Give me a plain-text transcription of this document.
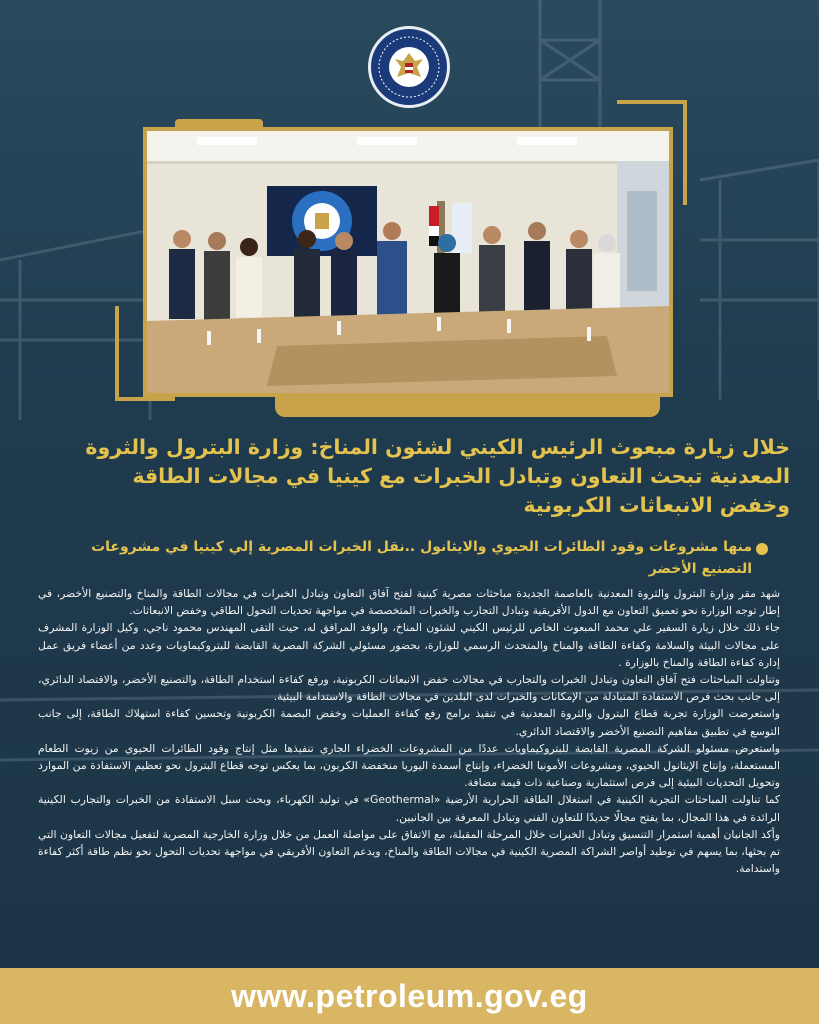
خلال زيارة مبعوث الرئيس الكيني لشئون المناخ: وزارة البترول والثروة المعدنية تبحث التعاون وتبادل الخبرات مع كينيا في مجالات الطاقة وخفض الانبعاثات الكربونية
منها مشروعات وقود الطائرات الحيوي والايثانول ..نقل الخبرات المصرية إلي كينيا في مشروعات التصنيع الأخضر

شهد مقر وزارة البترول والثروة المعدنية بالعاصمة الجديدة مباحثات مصرية كينية لفتح آفاق التعاون وتبادل الخبرات في مجالات الطاقة والمناخ والتصنيع الأخضر، في إطار توجه الوزارة نحو تعميق التعاون مع الدول الأفريقية وتبادل التجارب والخبرات المتخصصة في مواجهة تحديات التحول الطاقي وخفض الانبعاثات.

جاء ذلك خلال زيارة السفير علي محمد المبعوث الخاص للرئيس الكيني لشئون المناخ، والوفد المرافق له، حيث التقى المهندس محمود ناجي، وكيل الوزارة المشرف على مجالات البيئة والسلامة وكفاءة الطاقة والمناخ والمتحدث الرسمي للوزارة، بحضور مسئولي الشركة المصرية القابضة للبتروكيماويات وعدد من أعضاء فريق عمل إدارة كفاءة الطاقة والمناخ بالوزارة .

وتناولت المباحثات فتح آفاق التعاون وتبادل الخبرات والتجارب في مجالات خفض الانبعاثات الكربونية، ورفع كفاءة استخدام الطاقة، والتصنيع الأخضر، والاقتصاد الدائري، إلى جانب بحث فرص الاستفادة المتبادلة من الإمكانات والخبرات لدى البلدين في مجالات الطاقة والاستدامة البيئية.

واستعرضت الوزارة تجربة قطاع البترول والثروة المعدنية في تنفيذ برامج رفع كفاءة العمليات وخفض البصمة الكربونية وتحسين كفاءة استهلاك الطاقة، إلى جانب التوسع في تطبيق مفاهيم التصنيع الأخضر والاقتصاد الدائري.

واستعرض مسئولو الشركة المصرية القابضة للبتروكيماويات عددًا من المشروعات الخضراء الجاري تنفيذها مثل إنتاج وقود الطائرات الحيوي من زيوت الطعام المستعملة، وإنتاج الإيثانول الحيوي، ومشروعات الأمونيا الخضراء، وإنتاج أسمدة اليوريا منخفضة الكربون، بما يعكس توجه قطاع البترول نحو تعظيم الاستفادة من الموارد وتحويل التحديات البيئية إلى فرص استثمارية وصناعية ذات قيمة مضافة.

كما تناولت المباحثات التجربة الكينية في استغلال الطاقة الحرارية الأرضية «Geothermal» في توليد الكهرباء، وبحث سبل الاستفادة من الخبرات والتجارب الكينية الرائدة في هذا المجال، بما يفتح مجالًا جديدًا للتعاون الفني وتبادل المعرفة بين الجانبين.

وأكد الجانبان أهمية استمرار التنسيق وتبادل الخبرات خلال المرحلة المقبلة، مع الاتفاق على مواصلة العمل من خلال وزارة الخارجية المصرية لتفعيل مجالات التعاون التي تم بحثها، بما يسهم في توطيد أواصر الشراكة المصرية الكينية في مجالات الطاقة والمناخ، ويدعم التعاون الأفريقي في مواجهة تحديات التحول نحو نظم طاقة أكثر كفاءة واستدامة.

www.petroleum.gov.eg
